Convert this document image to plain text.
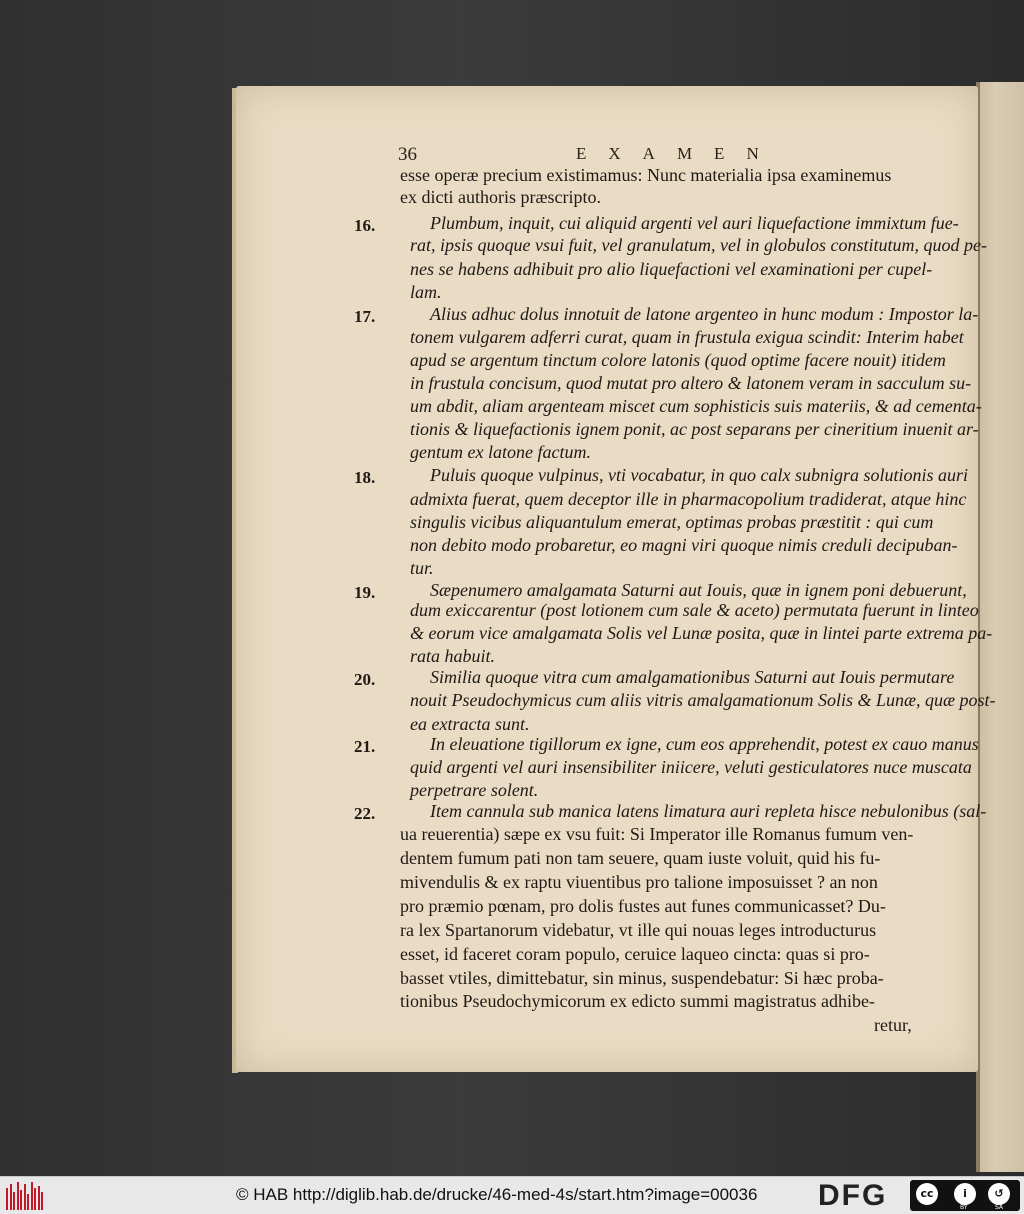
36	EXAMEN
esse operæ precium existimamus: Nunc materialia ipsa examinemus
ex dicti authoris præscripto.
16.	Plumbum, inquit, cui aliquid argenti vel auri liquefactione immixtum fue-
rat, ipsis quoque vsui fuit, vel granulatum, vel in globulos constitutum, quod pe-
nes se habens adhibuit pro alio liquefactioni vel examinationi per cupel-
lam.
17.	Alius adhuc dolus innotuit de latone argenteo in hunc modum : Impostor la-
tonem vulgarem adferri curat, quam in frustula exigua scindit: Interim habet
apud se argentum tinctum colore latonis (quod optime facere nouit) itidem
in frustula concisum, quod mutat pro altero & latonem veram in sacculum su-
um abdit, aliam argenteam miscet cum sophisticis suis materiis, & ad cementa-
tionis & liquefactionis ignem ponit, ac post separans per cineritium inuenit ar-
gentum ex latone factum.
18.	Puluis quoque vulpinus, vti vocabatur, in quo calx subnigra solutionis auri
admixta fuerat, quem deceptor ille in pharmacopolium tradiderat, atque hinc
singulis vicibus aliquantulum emerat, optimas probas præstitit : qui cum
non debito modo probaretur, eo magni viri quoque nimis creduli decipuban-
tur.
19.	Sæpenumero amalgamata Saturni aut Iouis, quæ in ignem poni debuerunt,
dum exiccarentur (post lotionem cum sale & aceto) permutata fuerunt in linteo
& eorum vice amalgamata Solis vel Lunæ posita, quæ in lintei parte extrema pa-
rata habuit.
20.	Similia quoque vitra cum amalgamationibus Saturni aut Iouis permutare
nouit Pseudochymicus cum aliis vitris amalgamationum Solis & Lunæ, quæ post-
ea extracta sunt.
21.	In eleuatione tigillorum ex igne, cum eos apprehendit, potest ex cauo manus
quid argenti vel auri insensibiliter iniicere, veluti gesticulatores nuce muscata
perpetrare solent.
22.	Item cannula sub manica latens limatura auri repleta hisce nebulonibus (sal-
ua reuerentia) sæpe ex vsu fuit: Si Imperator ille Romanus fumum ven-
dentem fumum pati non tam seuere, quam iuste voluit, quid his fu-
mivendulis & ex raptu viuentibus pro talione imposuisset ? an non
pro præmio pœnam, pro dolis fustes aut funes communicasset? Du-
ra lex Spartanorum videbatur, vt ille qui nouas leges introducturus
esset, id faceret coram populo, ceruice laqueo cincta: quas si pro-
basset vtiles, dimittebatur, sin minus, suspendebatur: Si hæc proba-
tionibus Pseudochymicorum ex edicto summi magistratus adhibe-
retur,
© HAB http://diglib.hab.de/drucke/46-med-4s/start.htm?image=00036 DFG	cc	i	↺
BY	SA
